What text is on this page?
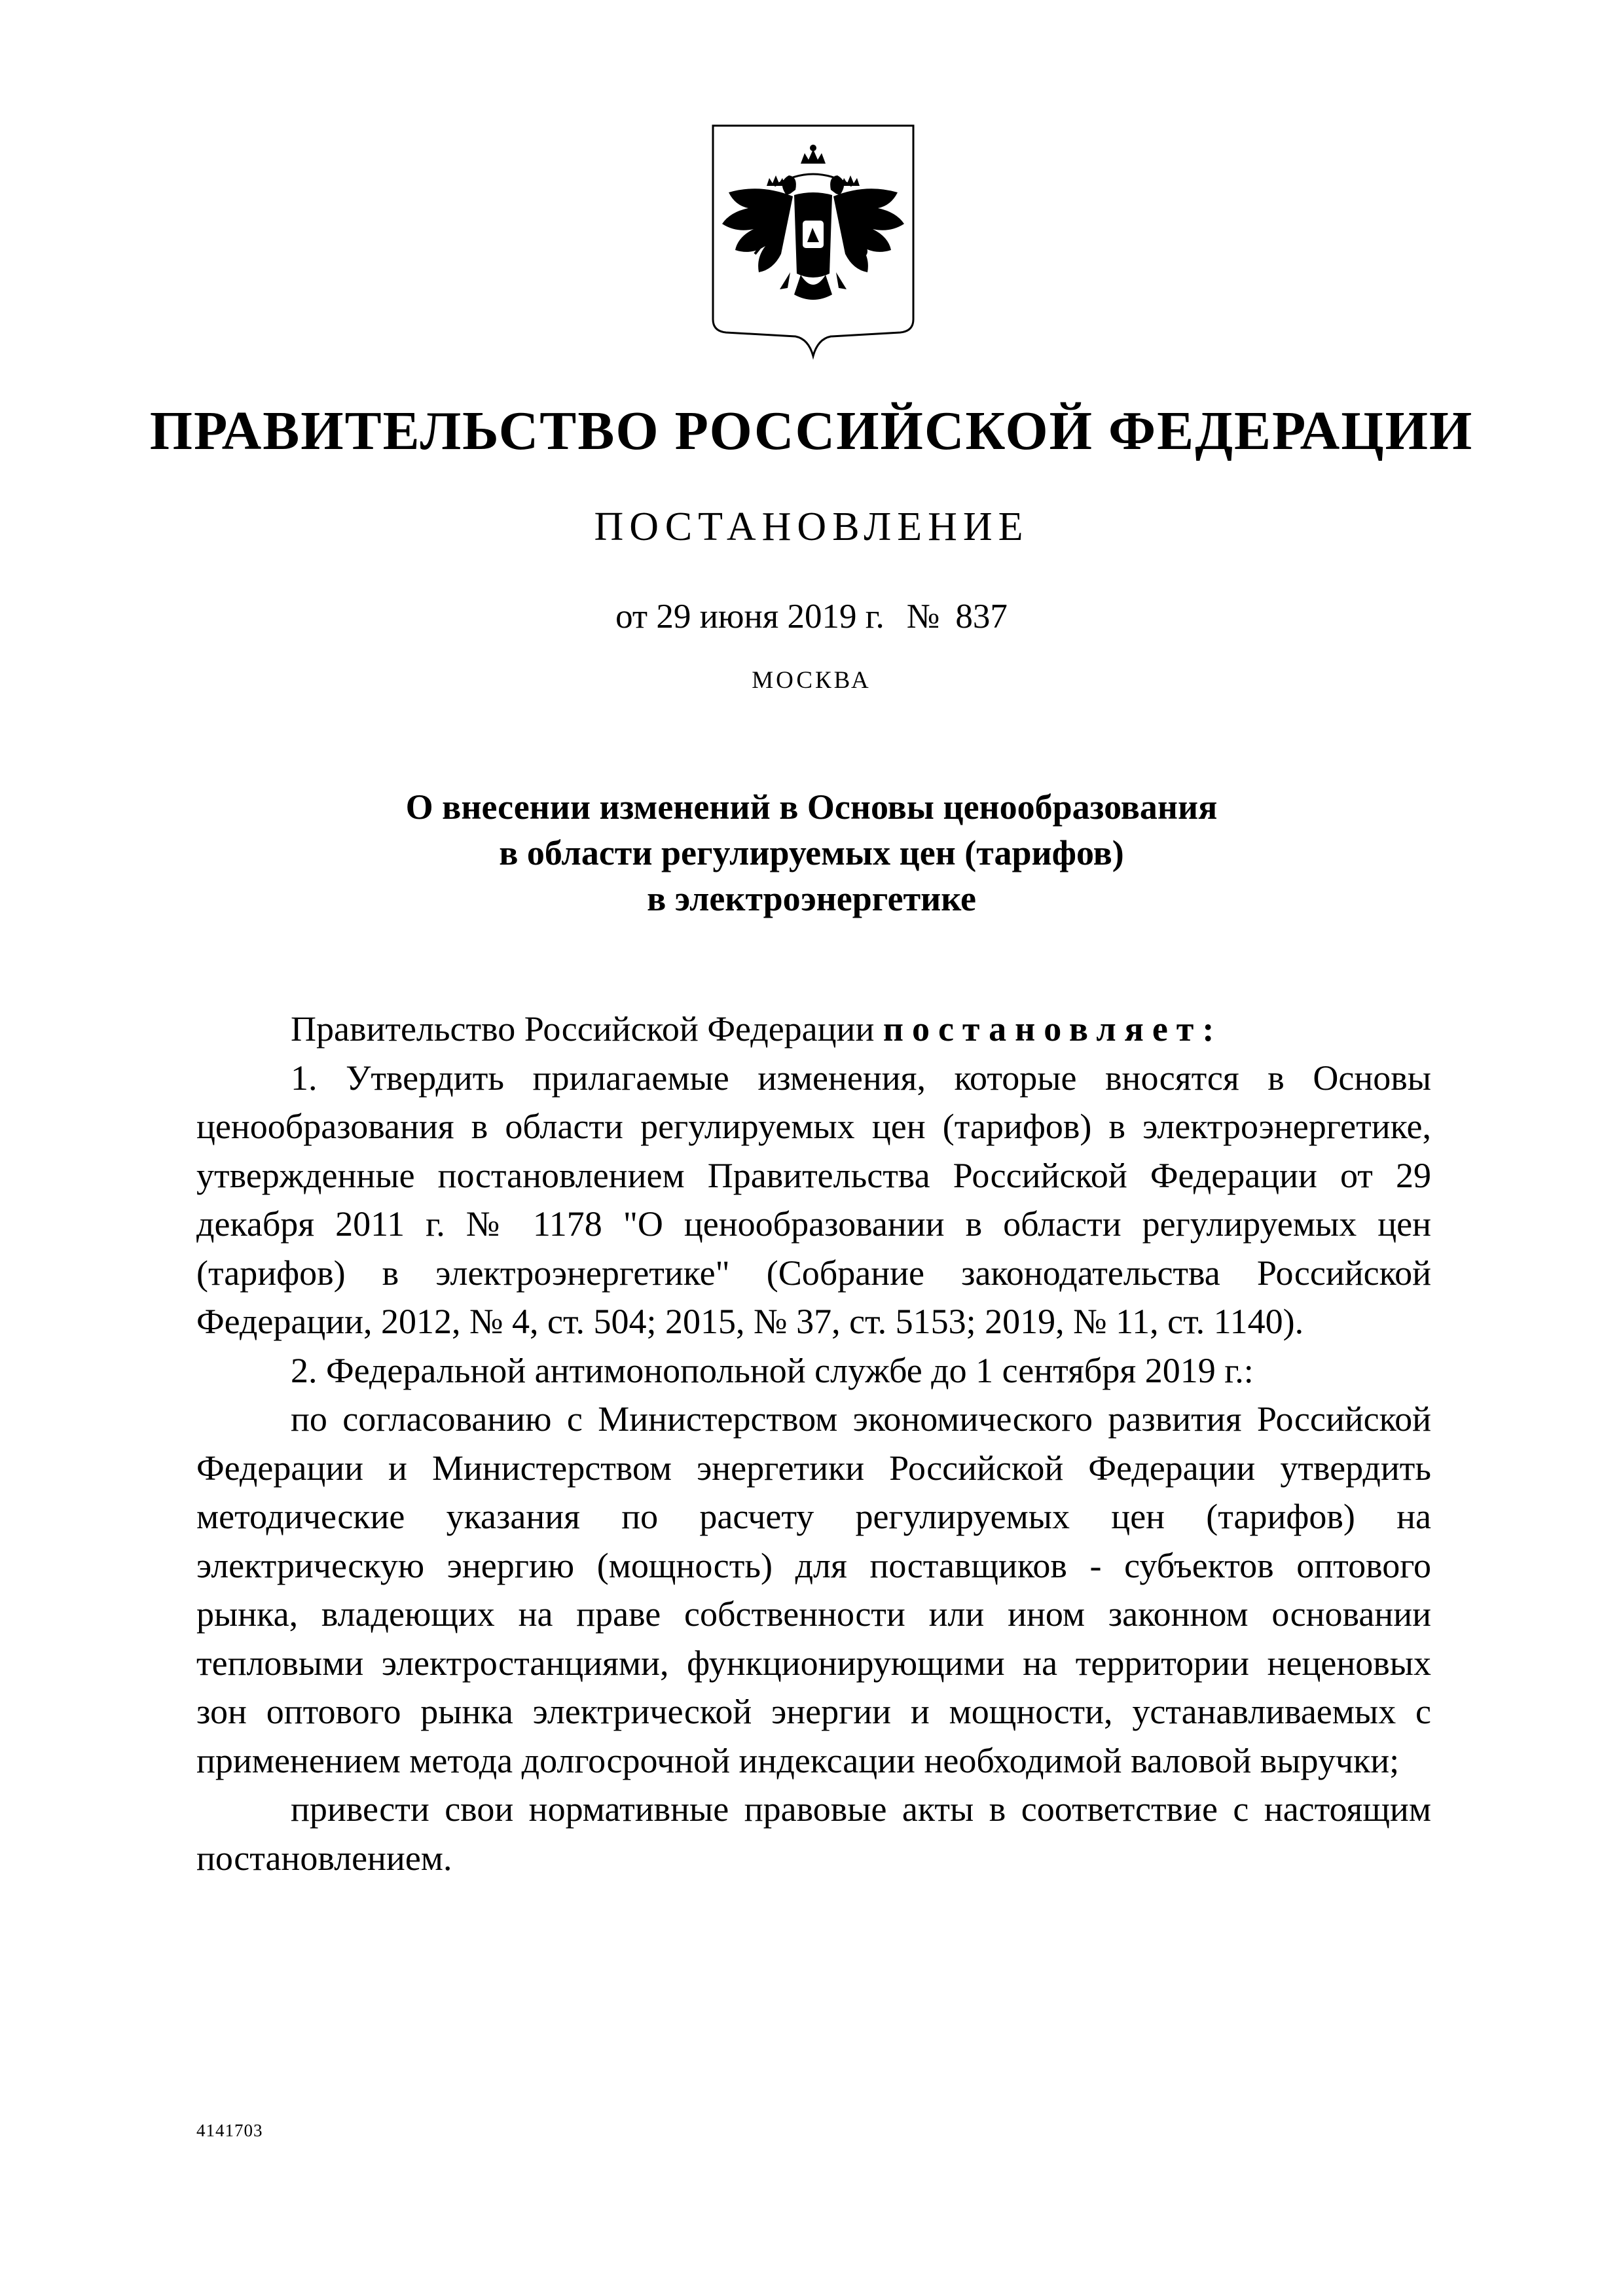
ПРАВИТЕЛЬСТВО РОССИЙСКОЙ ФЕДЕРАЦИИ
ПОСТАНОВЛЕНИЕ
от 29 июня 2019 г. № 837
МОСКВА
О внесении изменений в Основы ценообразования
в области регулируемых цен (тарифов)
в электроэнергетике

Правительство Российской Федерации постановляет:

1. Утвердить прилагаемые изменения, которые вносятся в Основы ценообразования в области регулируемых цен (тарифов) в электроэнергетике, утвержденные постановлением Правительства Российской Федерации от 29 декабря 2011 г. № 1178 "О ценообразовании в области регулируемых цен (тарифов) в электроэнергетике" (Собрание законодательства Российской Федерации, 2012, № 4, ст. 504; 2015, № 37, ст. 5153; 2019, № 11, ст. 1140).

2. Федеральной антимонопольной службе до 1 сентября 2019 г.:

по согласованию с Министерством экономического развития Российской Федерации и Министерством энергетики Российской Федерации утвердить методические указания по расчету регулируемых цен (тарифов) на электрическую энергию (мощность) для поставщиков - субъектов оптового рынка, владеющих на праве собственности или ином законном основании тепловыми электростанциями, функционирующими на территории неценовых зон оптового рынка электрической энергии и мощности, устанавливаемых с применением метода долгосрочной индексации необходимой валовой выручки;

привести свои нормативные правовые акты в соответствие с настоящим постановлением.

4141703
